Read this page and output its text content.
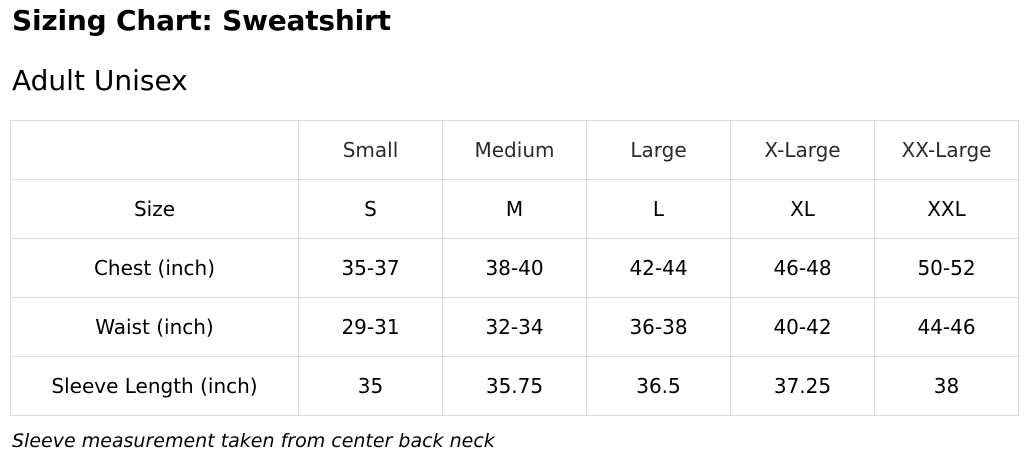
Sizing Chart: Sweatshirt
Adult Unisex
	Small	Medium	Large	X-Large	XX-Large
Size	S	M	L	XL	XXL
Chest (inch)	35-37	38-40	42-44	46-48	50-52
Waist (inch)	29-31	32-34	36-38	40-42	44-46
Sleeve Length (inch)	35	35.75	36.5	37.25	38
Sleeve measurement taken from center back neck
